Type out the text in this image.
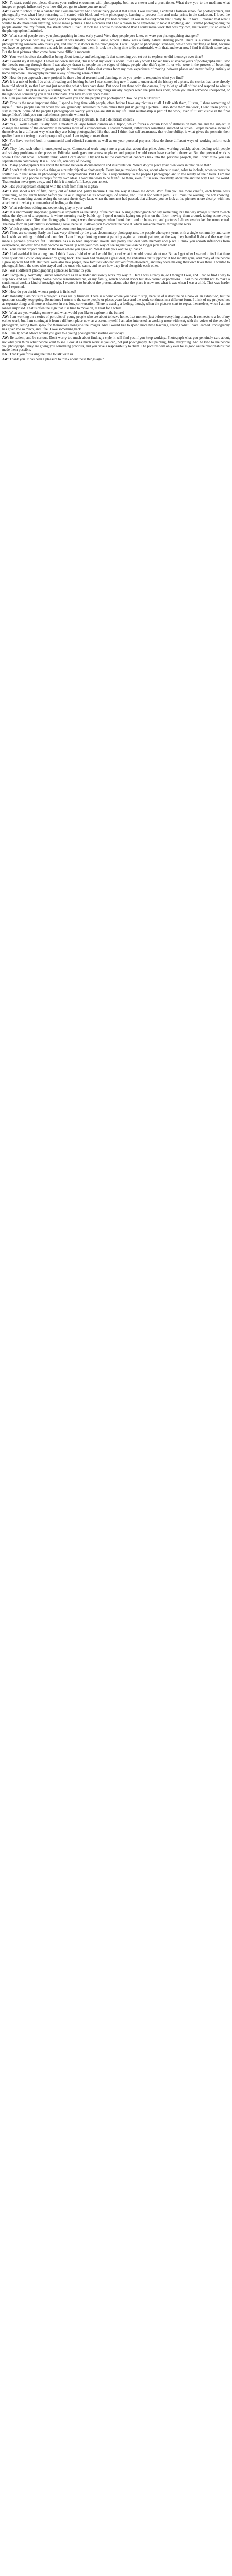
KN: To start, could you please discuss your earliest encounters with photography, both as a viewer and a practitioner. What drew you to the medium; what images or people influenced you; how did you get to where you are now?

AW: I went to school to be a painter, but I was mediocre! And I wasn't very good at that either. I was studying, I entered a fashion school for photographers, and photography was what I kept returning to. I started with black and white photography, learning to process film and make prints in the darkroom. I loved the physical, chemical process, the waiting and the surprise of seeing what you had captured. It was in the darkroom that I really fell in love. I realised that what I wanted to do, more than anything, was to make pictures. I had a camera and I had a reason to be anywhere, to look at anything, and I started photographing the people around me, my friends, the streets where I lived. It took me a while to understand that I could make work that was my own, that wasn't just an echo of the photographers I admired.

KN: What sort of people were you photographing in those early years? Were they people you knew, or were you photographing strangers?

AW: In the process with my early work it was mostly people I knew, which I think was a fairly natural starting point. There is a certain intimacy in photographing someone who trusts you, and that trust shows in the photographs. Later I began to photograph strangers, which was terrifying at first, because you have to approach someone and ask for something from them. It took me a long time to be comfortable with that, and even now I find it difficult some days. But the best pictures often come from those difficult moments.

KN: Your work is often described as being about identity and belonging. Is that something you set out to explore, or did it emerge over time?

AW: I would say it emerged. I never sat down and said, this is what my work is about. It was only when I looked back at several years of photographs that I saw the threads running through them. I was always drawn to people on the edges of things, people who didn't quite fit, or who were in the process of becoming something else. Teenagers, migrants, people in transition. I think that comes from my own experience of moving between places and never feeling entirely at home anywhere. Photography became a way of making sense of that.

KN: How do you approach a new project? Is there a lot of research and planning, or do you prefer to respond to what you find?

AW: It is a mix of both. I do a lot of reading and looking before I start something new. I want to understand the history of a place, the stories that have already been told about it, so that I am not just repeating what others have done. But once I am there with the camera, I try to let go of all of that and respond to what is in front of me. The plan is only a starting point. The most interesting things usually happen when the plan falls apart, when you meet someone unexpected, or the light does something you didn't anticipate. You have to stay open to that.

KN: Can you talk about the relationship between you and the people you photograph? How do you build trust?

AW: Time is the most important thing. I spend a long time with people, often before I take any pictures at all. I talk with them, I listen, I share something of myself. I think people can tell when you are genuinely interested in them rather than just in getting a picture. I also show them the work, I send them prints, I stay in touch. Some of the people I photographed twenty years ago are still in my life. That relationship is part of the work, even if it isn't visible in the final image. I don't think you can make honest portraits without it.

KN: There is a strong sense of stillness in many of your portraits. Is that a deliberate choice?

AW: Yes, I work slowly, usually with a medium or large format camera on a tripod, which forces a certain kind of stillness on both me and the subject. It changes the nature of the encounter. It becomes more of a collaboration, a shared moment, rather than something snatched or stolen. People become aware of themselves in a different way when they are being photographed like that, and I think that self-awareness, that vulnerability, is what gives the portraits their quality. I am not trying to catch people off guard. I am trying to meet them.

KN: You have worked both in commercial and editorial contexts as well as on your personal projects. How do those different ways of working inform each other?

AW: They feed each other in unexpected ways. Commercial work taught me a great deal about discipline, about working quickly, about dealing with people and solving problems under pressure. Editorial work gave me access to places and people I would never have reached otherwise. But the personal work is where I find out what I actually think, what I care about. I try not to let the commercial concerns leak into the personal projects, but I don't think you can separate them completely. It is all one life, one way of looking.

KN: Many photographers talk about the tension between documentation and interpretation. Where do you place your own work in relation to that?

AW: I don't think there is such a thing as a purely objective photograph. Every image involves choices, about where to stand, what to include, when to press the shutter. So in that sense all photographs are interpretations. But I do feel a responsibility to the people I photograph and to the reality of their lives. I am not interested in using people as props for my own ideas. I want the work to be faithful to them, even if it is also, inevitably, about me and the way I see the world. That tension never goes away, and I think it shouldn't. It keeps you honest.

KN: Has your approach changed with the shift from film to digital?

AW: I still shoot a lot of film, partly out of habit and partly because I like the way it slows me down. With film you are more careful, each frame costs something, so you think harder before you take it. Digital has its advantages, of course, and I use it for certain jobs. But I miss the waiting, the not knowing. There was something about seeing the contact sheets days later, when the moment had passed, that allowed you to look at the pictures more clearly, with less attachment to what you remembered feeling at the time.

KN: What role does editing and sequencing play in your work?

AW: It is enormously important, perhaps as important as the taking of the pictures. A single photograph can say something, but the way images sit next to each other, the rhythm of a sequence, is where meaning really builds up. I spend months laying out prints on the floor, moving them around, taking some away, bringing others back. Often the photographs I thought were the strongest when I took them end up being cut, and pictures I almost overlooked become central. The book form in particular is something I love, because it allows you to control the pace at which someone moves through the work.

KN: Which photographers or artists have been most important to you?

AW: There are so many. Early on I was very affected by the great documentary photographers, the people who spent years with a single community and came back with something truthful and complex. Later I began looking more at painting again, at portrait painters, at the way they handled light and the way they made a person's presence felt. Literature has also been important, novels and poetry that deal with memory and place. I think you absorb influences from everywhere, and over time they become so mixed up with your own way of seeing that you can no longer pick them apart.

KN: Your recent project returns to the town where you grew up. What made you want to go back?

AW: I had avoided it for a long time. I think I was afraid of what I would find, or of what it would reveal about me. But as I got older I started to feel that there were questions I could only answer by going back. The town had changed a great deal, the industries that supported it had mostly gone, and many of the people I grew up with had left. But there were also new people, new families who had arrived from elsewhere, and they were making their own lives there. I wanted to photograph both, the ones who stayed and the ones who came, and to see how they lived alongside each other.

KN: Was it different photographing a place so familiar to you?

AW: Completely. Normally I arrive somewhere as an outsider and slowly work my way in. Here I was already in, or I thought I was, and I had to find a way to step back and see it freshly. Some people remembered me, or my family, which opened doors but also carried expectations. I had to be careful not to make a sentimental work, a kind of nostalgia trip. I wanted it to be about the present, about what the place is now, not what it was when I was a child. That was harder than I expected.

KN: How do you decide when a project is finished?

AW: Honestly, I am not sure a project is ever really finished. There is a point where you have to stop, because of a deadline or a book or an exhibition, but the questions usually keep going. Sometimes I return to the same people or places years later and the work continues in a different form. I think of my projects less as separate things and more as chapters in one long conversation. There is usually a feeling, though, when the pictures start to repeat themselves, when I am no longer surprised. That is often the sign that it is time to move on, at least for a while.

KN: What are you working on now, and what would you like to explore in the future?

AW: I am working on a series of portraits of young people who are about to leave home, that moment just before everything changes. It connects to a lot of my earlier work, but I am coming at it from a different place now, as a parent myself. I am also interested in working more with text, with the voices of the people I photograph, letting them speak for themselves alongside the images. And I would like to spend more time teaching, sharing what I have learned. Photography has given me so much, and I feel I owe something back.

KN: Finally, what advice would you give to a young photographer starting out today?

AW: Be patient, and be curious. Don't worry too much about finding a style, it will find you if you keep working. Photograph what you genuinely care about, not what you think other people want to see. Look at as much work as you can, not just photography, but painting, film, everything. And be kind to the people you photograph. They are giving you something precious, and you have a responsibility to them. The pictures will only ever be as good as the relationships that made them possible.

KN: Thank you for taking the time to talk with us.

AW: Thank you. It has been a pleasure to think about these things again.
